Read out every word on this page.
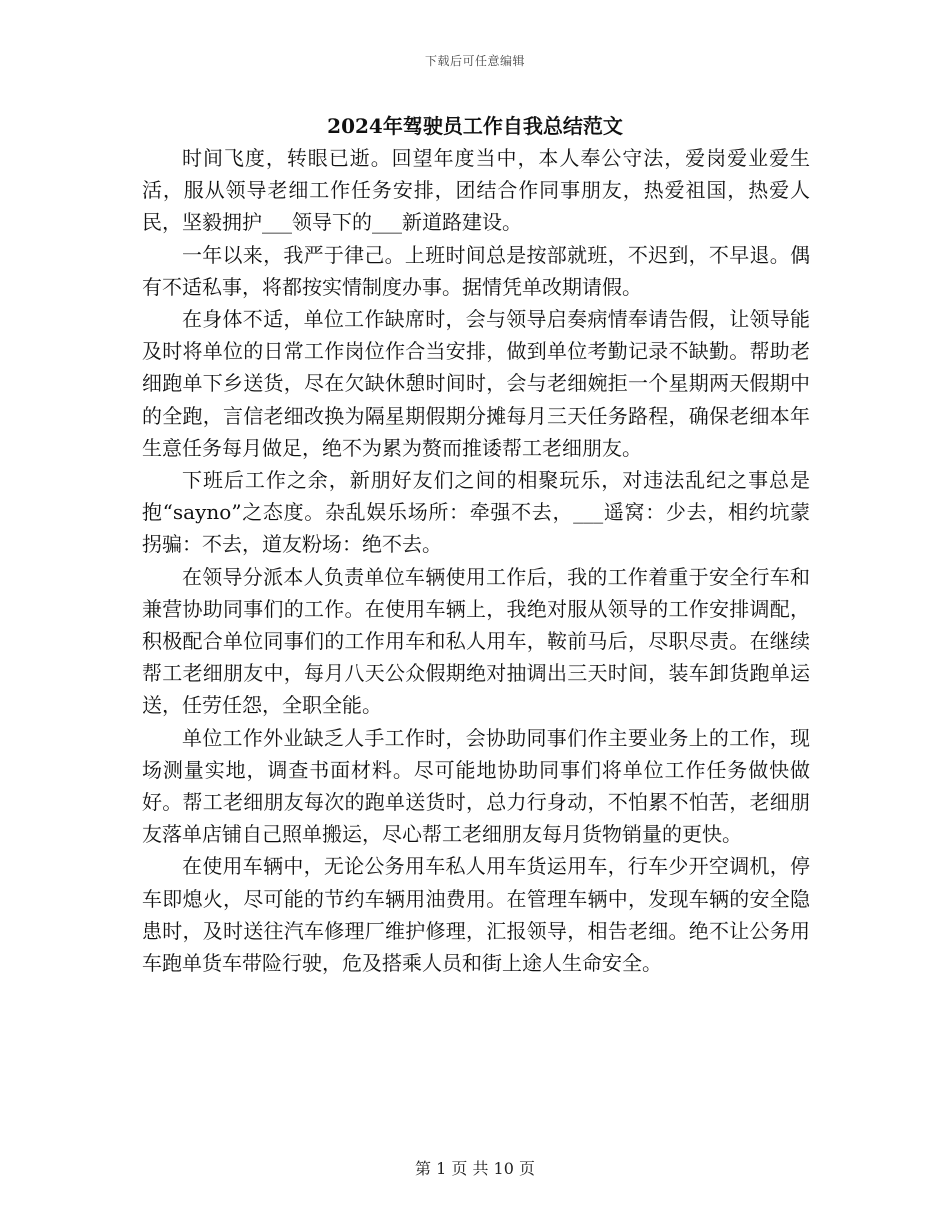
下载后可任意编辑
2024年驾驶员工作自我总结范文

时间飞度，转眼已逝。回望年度当中，本人奉公守法，爱岗爱业爱生活，服从领导老细工作任务安排，团结合作同事朋友，热爱祖国，热爱人民，坚毅拥护___领导下的___新道路建设。

一年以来，我严于律己。上班时间总是按部就班，不迟到，不早退。偶有不适私事，将都按实情制度办事。据情凭单改期请假。

在身体不适，单位工作缺席时，会与领导启奏病情奉请告假，让领导能及时将单位的日常工作岗位作合当安排，做到单位考勤记录不缺勤。帮助老细跑单下乡送货，尽在欠缺休憩时间时，会与老细婉拒一个星期两天假期中的全跑，言信老细改换为隔星期假期分摊每月三天任务路程，确保老细本年生意任务每月做足，绝不为累为赘而推诿帮工老细朋友。

下班后工作之余，新朋好友们之间的相聚玩乐，对违法乱纪之事总是抱“sayno”之态度。杂乱娱乐场所：牵强不去，___遥窝：少去，相约坑蒙拐骗：不去，道友粉场：绝不去。

在领导分派本人负责单位车辆使用工作后，我的工作着重于安全行车和兼营协助同事们的工作。在使用车辆上，我绝对服从领导的工作安排调配，积极配合单位同事们的工作用车和私人用车，鞍前马后，尽职尽责。在继续帮工老细朋友中，每月八天公众假期绝对抽调出三天时间，装车卸货跑单运送，任劳任怨，全职全能。

单位工作外业缺乏人手工作时，会协助同事们作主要业务上的工作，现场测量实地，调查书面材料。尽可能地协助同事们将单位工作任务做快做好。帮工老细朋友每次的跑单送货时，总力行身动，不怕累不怕苦，老细朋友落单店铺自己照单搬运，尽心帮工老细朋友每月货物销量的更快。

在使用车辆中，无论公务用车私人用车货运用车，行车少开空调机，停车即熄火，尽可能的节约车辆用油费用。在管理车辆中，发现车辆的安全隐患时，及时送往汽车修理厂维护修理，汇报领导，相告老细。绝不让公务用车跑单货车带险行驶，危及搭乘人员和街上途人生命安全。

第 1 页 共 10 页
